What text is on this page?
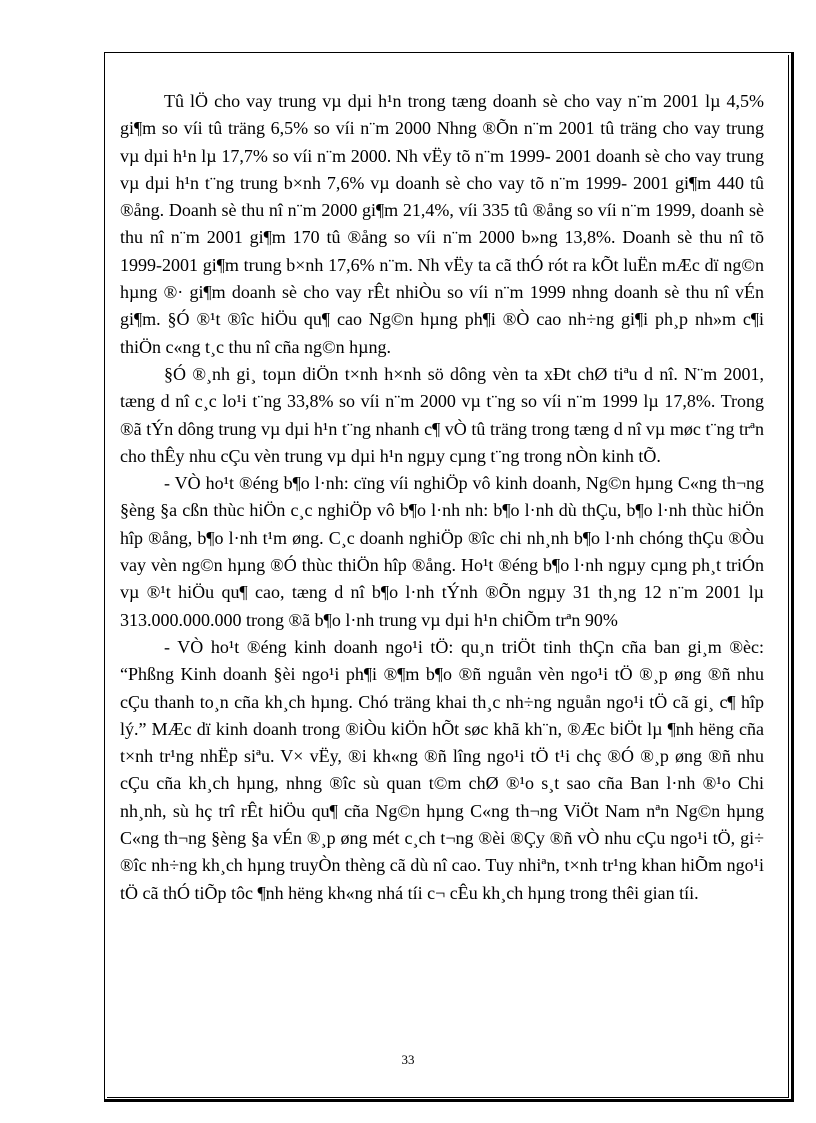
Tû lÖ cho vay trung vµ dµi h¹n trong tæng doanh sè cho vay n¨m 2001 lµ 4,5% gi¶m so víi tû träng 6,5% so víi n¨m 2000 Nhng ®Õn n¨m 2001 tû träng cho vay trung vµ dµi h¹n lµ 17,7% so víi n¨m 2000. Nh vËy tõ n¨m 1999- 2001 doanh sè cho vay trung vµ dµi h¹n t¨ng trung b×nh 7,6% vµ doanh sè cho vay tõ n¨m 1999- 2001 gi¶m 440 tû ®ång. Doanh sè thu nî n¨m 2000 gi¶m 21,4%, víi 335 tû ®ång so víi n¨m 1999, doanh sè thu nî n¨m 2001 gi¶m 170 tû ®ång so víi n¨m 2000 b»ng 13,8%. Doanh sè thu nî tõ 1999-2001 gi¶m trung b×nh 17,6% n¨m. Nh vËy ta cã thÓ rót ra kÕt luËn mÆc dï ng©n hµng ®· gi¶m doanh sè cho vay rÊt nhiÒu so víi n¨m 1999 nhng doanh sè thu nî vÉn gi¶m. §Ó ®¹t ®îc hiÖu qu¶ cao Ng©n hµng ph¶i ®Ò cao nh÷ng gi¶i ph¸p nh»m c¶i thiÖn c«ng t¸c thu nî cña ng©n hµng.

§Ó ®¸nh gi¸ toµn diÖn t×nh h×nh sö dông vèn ta xÐt chØ tiªu d nî. N¨m 2001, tæng d nî c¸c lo¹i t¨ng 33,8% so víi n¨m 2000 vµ t¨ng so víi n¨m 1999 lµ 17,8%. Trong ®ã tÝn dông trung vµ dµi h¹n t¨ng nhanh c¶ vÒ tû träng trong tæng d nî vµ møc t¨ng trªn cho thÊy nhu cÇu vèn trung vµ dµi h¹n ngµy cµng t¨ng trong nÒn kinh tÕ.

- VÒ ho¹t ®éng b¶o l·nh: cïng víi nghiÖp vô kinh doanh, Ng©n hµng C«ng th¬ng §èng §a cßn thùc hiÖn c¸c nghiÖp vô b¶o l·nh nh: b¶o l·nh dù thÇu, b¶o l·nh thùc hiÖn hîp ®ång, b¶o l·nh t¹m øng. C¸c doanh nghiÖp ®îc chi nh¸nh b¶o l·nh chóng thÇu ®Òu vay vèn ng©n hµng ®Ó thùc thiÖn hîp ®ång. Ho¹t ®éng b¶o l·nh ngµy cµng ph¸t triÓn vµ ®¹t hiÖu qu¶ cao, tæng d nî b¶o l·nh tÝnh ®Õn ngµy 31 th¸ng 12 n¨m 2001 lµ 313.000.000.000 trong ®ã b¶o l·nh trung vµ dµi h¹n chiÕm trªn 90%

- VÒ ho¹t ®éng kinh doanh ngo¹i tÖ: qu¸n triÖt tinh thÇn cña ban gi¸m ®èc: “Phßng Kinh doanh §èi ngo¹i ph¶i ®¶m b¶o ®ñ nguån vèn ngo¹i tÖ ®¸p øng ®ñ nhu cÇu thanh to¸n cña kh¸ch hµng. Chó träng khai th¸c nh÷ng nguån ngo¹i tÖ cã gi¸ c¶ hîp lý.” MÆc dï kinh doanh trong ®iÒu kiÖn hÕt søc khã kh¨n, ®Æc biÖt lµ ¶nh hëng cña t×nh tr¹ng nhËp siªu. V× vËy, ®i kh«ng ®ñ lîng ngo¹i tÖ t¹i chç ®Ó ®¸p øng ®ñ nhu cÇu cña kh¸ch hµng, nhng ®îc sù quan t©m chØ ®¹o s¸t sao cña Ban l·nh ®¹o Chi nh¸nh, sù hç trî rÊt hiÖu qu¶ cña Ng©n hµng C«ng th¬ng ViÖt Nam nªn Ng©n hµng C«ng th¬ng §èng §a vÉn ®¸p øng mét c¸ch t¬ng ®èi ®Çy ®ñ vÒ nhu cÇu ngo¹i tÖ, gi÷ ®îc nh÷ng kh¸ch hµng truyÒn thèng cã dù nî cao. Tuy nhiªn, t×nh tr¹ng khan hiÕm ngo¹i tÖ cã thÓ tiÕp tôc ¶nh hëng kh«ng nhá tíi c¬ cÊu kh¸ch hµng trong thêi gian tíi.

33
